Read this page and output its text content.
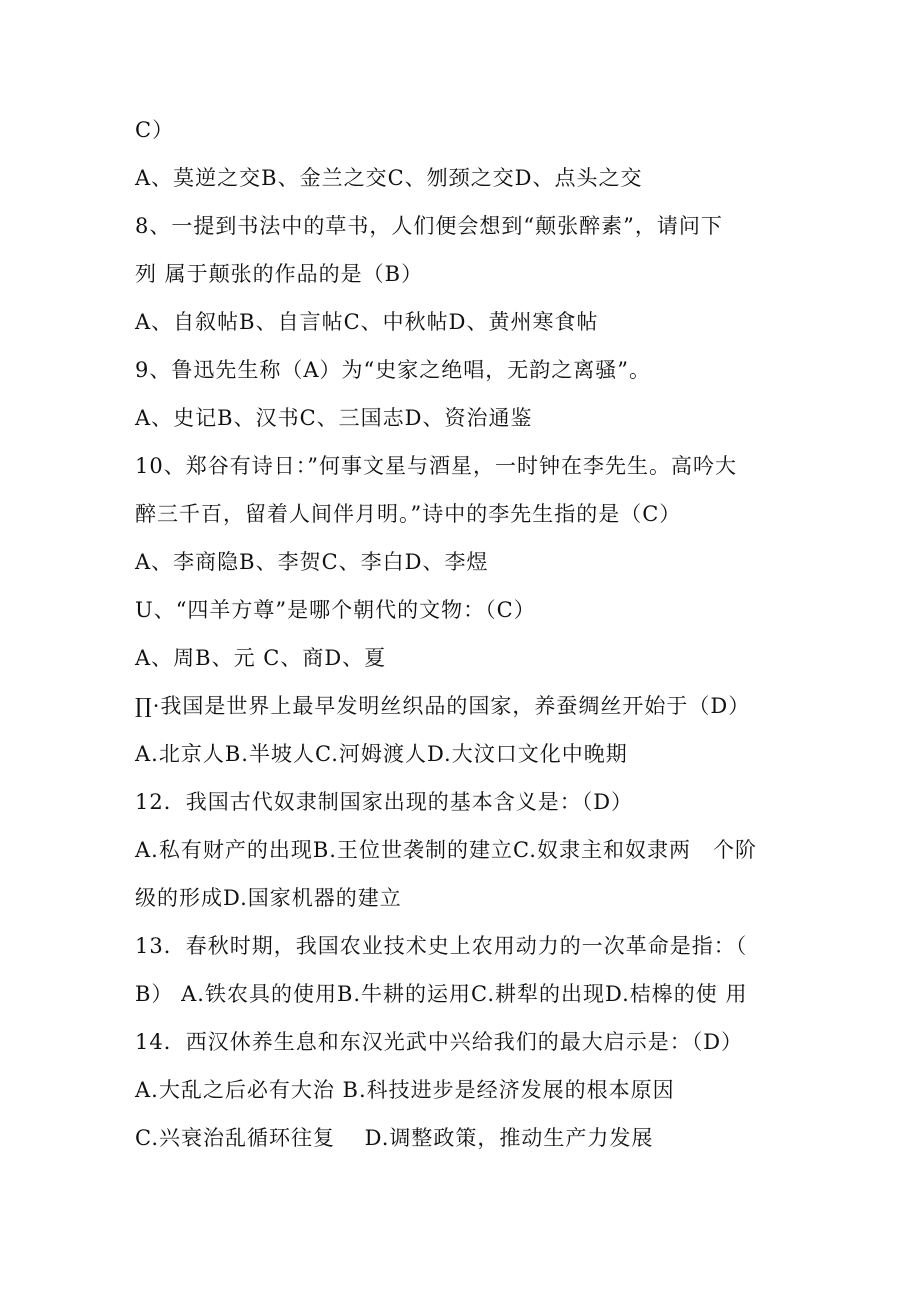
C）
A、莫逆之交B、金兰之交C、刎颈之交D、点头之交
8、一提到书法中的草书，人们便会想到“颠张醉素”，请问下
列 属于颠张的作品的是（B）
A、自叙帖B、自言帖C、中秋帖D、黄州寒食帖
9、鲁迅先生称（A）为“史家之绝唱，无韵之离骚”。
A、史记B、汉书C、三国志D、资治通鉴
10、郑谷有诗日：”何事文星与酒星，一时钟在李先生。高吟大
醉三千百，留着人间伴月明。”诗中的李先生指的是（C）
A、李商隐B、李贺C、李白D、李煜
U、“四羊方尊”是哪个朝代的文物：（C）
A、周B、元 C、商D、夏
∏·我国是世界上最早发明丝织品的国家，养蚕绸丝开始于（D）
A.北京人B.半坡人C.河姆渡人D.大汶口文化中晚期
12．我国古代奴隶制国家出现的基本含义是：（D）
A.私有财产的出现B.王位世袭制的建立C.奴隶主和奴隶两　个阶
级的形成D.国家机器的建立
13．春秋时期，我国农业技术史上农用动力的一次革命是指：（
B） A.铁农具的使用B.牛耕的运用C.耕犁的出现D.桔槔的使 用
14．西汉休养生息和东汉光武中兴给我们的最大启示是：（D）
A.大乱之后必有大治 B.科技进步是经济发展的根本原因
C.兴衰治乱循环往复　 D.调整政策，推动生产力发展
